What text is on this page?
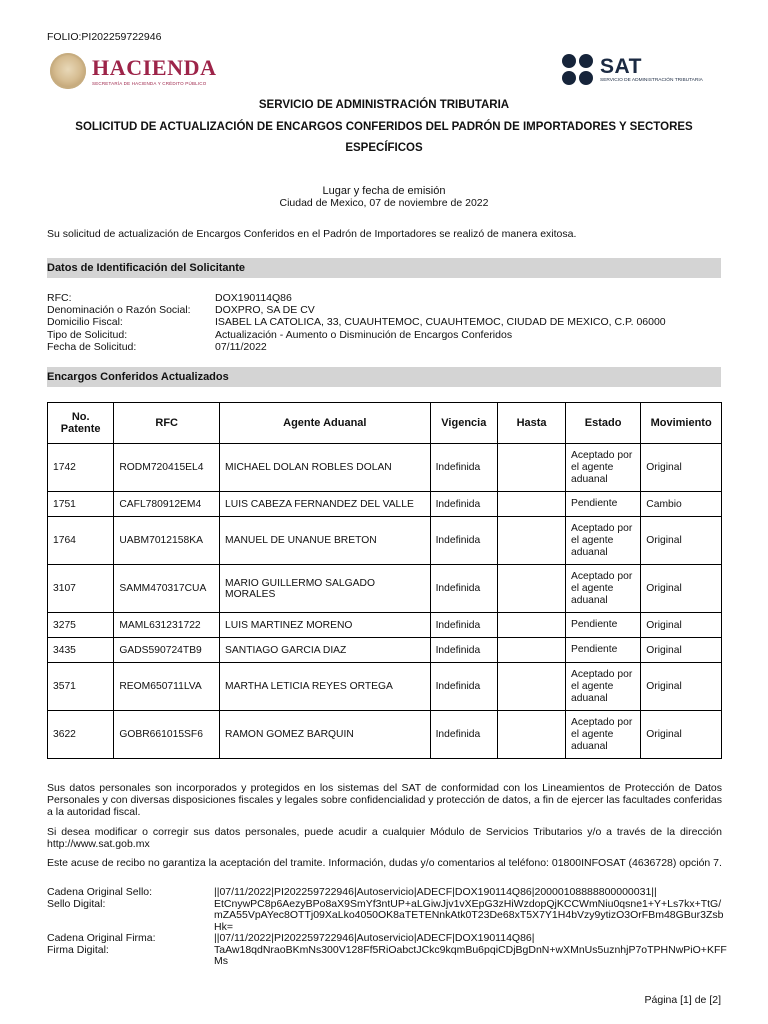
FOLIO:PI202259722946
HACIENDA
SECRETARÍA DE HACIENDA Y CRÉDITO PÚBLICO
SAT
SERVICIO DE ADMINISTRACIÓN TRIBUTARIA
SERVICIO DE ADMINISTRACIÓN TRIBUTARIA
SOLICITUD DE ACTUALIZACIÓN DE ENCARGOS CONFERIDOS DEL PADRÓN DE IMPORTADORES Y SECTORES
ESPECÍFICOS
Lugar y fecha de emisión
Ciudad de Mexico, 07 de noviembre de 2022
Su solicitud de actualización de Encargos Conferidos en el Padrón de Importadores se realizó de manera exitosa.
Datos de Identificación del Solicitante
RFC:	DOX190114Q86
Denominación o Razón Social:	DOXPRO, SA DE CV
Domicilio Fiscal:	ISABEL LA CATOLICA, 33, CUAUHTEMOC, CUAUHTEMOC, CIUDAD DE MEXICO, C.P. 06000
Tipo de Solicitud:	Actualización - Aumento o Disminución de Encargos Conferidos
Fecha de Solicitud:	07/11/2022
Encargos Conferidos Actualizados
No. Patente	RFC	Agente Aduanal	Vigencia	Hasta	Estado	Movimiento
1742	RODM720415EL4	MICHAEL DOLAN ROBLES DOLAN	Indefinida		Aceptado por el agente aduanal	Original
1751	CAFL780912EM4	LUIS CABEZA FERNANDEZ DEL VALLE	Indefinida		Pendiente	Cambio
1764	UABM7012158KA	MANUEL DE UNANUE BRETON	Indefinida		Aceptado por el agente aduanal	Original
3107	SAMM470317CUA	MARIO GUILLERMO SALGADO MORALES	Indefinida		Aceptado por el agente aduanal	Original
3275	MAML631231722	LUIS MARTINEZ MORENO	Indefinida		Pendiente	Original
3435	GADS590724TB9	SANTIAGO GARCIA DIAZ	Indefinida		Pendiente	Original
3571	REOM650711LVA	MARTHA LETICIA REYES ORTEGA	Indefinida		Aceptado por el agente aduanal	Original
3622	GOBR661015SF6	RAMON GOMEZ BARQUIN	Indefinida		Aceptado por el agente aduanal	Original
Sus datos personales son incorporados y protegidos en los sistemas del SAT de conformidad con los Lineamientos de Protección de Datos Personales y con diversas disposiciones fiscales y legales sobre confidencialidad y protección de datos, a fin de ejercer las facultades conferidas a la autoridad fiscal.
Si desea modificar o corregir sus datos personales, puede acudir a cualquier Módulo de Servicios Tributarios y/o a través de la dirección http://www.sat.gob.mx
Este acuse de recibo no garantiza la aceptación del tramite. Información, dudas y/o comentarios al teléfono: 01800INFOSAT (4636728) opción 7.
Cadena Original Sello:	||07/11/2022|PI202259722946|Autoservicio|ADECF|DOX190114Q86|20000108888800000031||
Sello Digital:	EtCnywPC8p6AezyBPo8aX9SmYf3ntUP+aLGiwJjv1vXEpG3zHiWzdopQjKCCWmNiu0qsne1+Y+Ls7kx+TtG/mZA55VpAYec8OTTj09XaLko4050OK8aTETENnkAtk0T23De68xT5X7Y1H4bVzy9ytizO3OrFBm48GBur3ZsbHk=
Cadena Original Firma:	||07/11/2022|PI202259722946|Autoservicio|ADECF|DOX190114Q86|
Firma Digital:	TaAw18qdNraoBKmNs300V128Ff5RiOabctJCkc9kqmBu6pqiCDjBgDnN+wXMnUs5uznhjP7oTPHNwPiO+KFFMs
Página [1] de [2]
